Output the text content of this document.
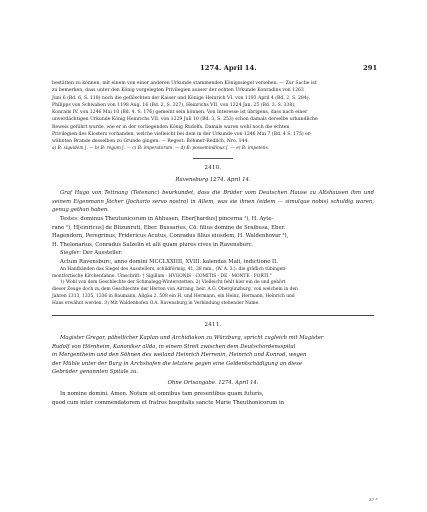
1274. April 14.	291

bestätten zu können, mit einem von einer anderen Urkunde stammenden Königssiegel versehen. — Zur Sache ist

zu bemerken, dass unter den König vorgelegten Privilegien ausser der echten Urkunde Konradins von 1263

Juni 6 (Bd. 6, S. 118) noch die gefälschten der Kaiser und Könige Heinrich VI. von 1193 April 4 (Bd. 2, S. 284),

Philipps von Schwaben von 1198 Aug. 16 (Bd. 2, S. 327), Heinrichs VII. von 1224 Jan. 25 (Bd. 3, S. 338),

Konrads IV. von 1246 Mai 10 (Bd. 4, S. 176) gemeint sein können. Von Interesse ist übrigens, dass nach einer

unverdächtigen Urkunde König Heinrichs VII. von 1229 Juli 10 (Bd. 3, S. 253) schon damals derselbe urkundliche

Beweis geführt wurde, wie er in der vorliegenden König Rudolfs. Damals waren wohl noch die echten

Privilegien des Klosters vorhanden, welche vielleicht bei dem in der Urkunde von 1246 Mai 7 (Bd. 4 S. 175) er-

wähnten Brande desselben zu Grunde gingen. — Regest: Böhmer-Redlich, Nro. 144.

a) B: siquidem [. — b) B: regum [. — c) B: imperatorum. — d) B: possemindinus [. — e) B: impetens.

2410.
Ravensburg 1274. April 14.

Graf Hugo von Tettnang (Tetenanc) beurkundet, dass die Brüder vom Deutschen Hause zu Altshausen ihm und seinem Eigenmann Jöcher (Jochario servo nostro) in Allem, was sie ihnen (eidem — simulque nobis) schuldig waren, genug gethan haben.

Testes: dominus Theutunicorum in Ahhusen, Eber[hardus] pincerna ¹), H. Ayte-

rane ²), H[einricus] de Blizunruti, Eber. Bussarius, Cō. filius domine de Sraibusa, Eber.

Hagendorn, Peregrinus, Fridericus Acutus, Conradus filius eiusdem, H. Waldenhovar ³),

H. Thelonarius, Conradus Salzelin et alii quam plures cives in Ravensburc.

Siegler: Der Aussteller.

Actum Ravensburc, anno domini MCCLXXIIII, XVIII. kalendas Maii, indictione II.

An Hanfbänden das Siegel des Ausstellers, schildförmig, 41, 38 mm., (W. A. 3.): die gräflich tübingen-

montfortische Kirchenfahne. Umschrift: † Sigillum · HVGONIS · COMITIS · DE · MONTE · FORTI.°

1) Wohl von dem Geschlechte der Schmalegg-Winterstetten. 2) Vielleicht fehlt hier ein de und gehört

dieser Zeuge doch zu dem Geschlechte der Herren von Airrang, heir. A.G. Obergünzburg, von welchem in den

Jahren 1313, 1335, 1336 in Baumann, Allgäu 2, 508 ein H. und Hermann, ein Heinz, Hermann, Heinrich und

Hans erwähnt werden. 3) Mit Waldenhofen O.A. Ravensburg in Verbindung stehender Name.

2411.

Magister Gregor, päbstlicher Kaplan und Archidiakon zu Würzburg, spricht zugleich mit Magister

Rudolf von Hörnheim, Kanoniker allda, in einem Streit zwischen dem Deutschordensspital

in Mergentheim und den Söhnen des weiland Heinrich Herrenin, Heinrich und Konrad, wegen

der Mühle unter der Burg in Archshofen die letztere gegen eine Geldentschädigung an diese

Gebrüder genannten Spitale zu.

Ohne Ortsangabe. 1274. April 14.

In nomine domini. Amen. Notum sit omnibus tam presentibus quam futuris,

quod cum inter commendatorem et fratres hospitalis sancte Marie Theuthonicorum in

37 *
